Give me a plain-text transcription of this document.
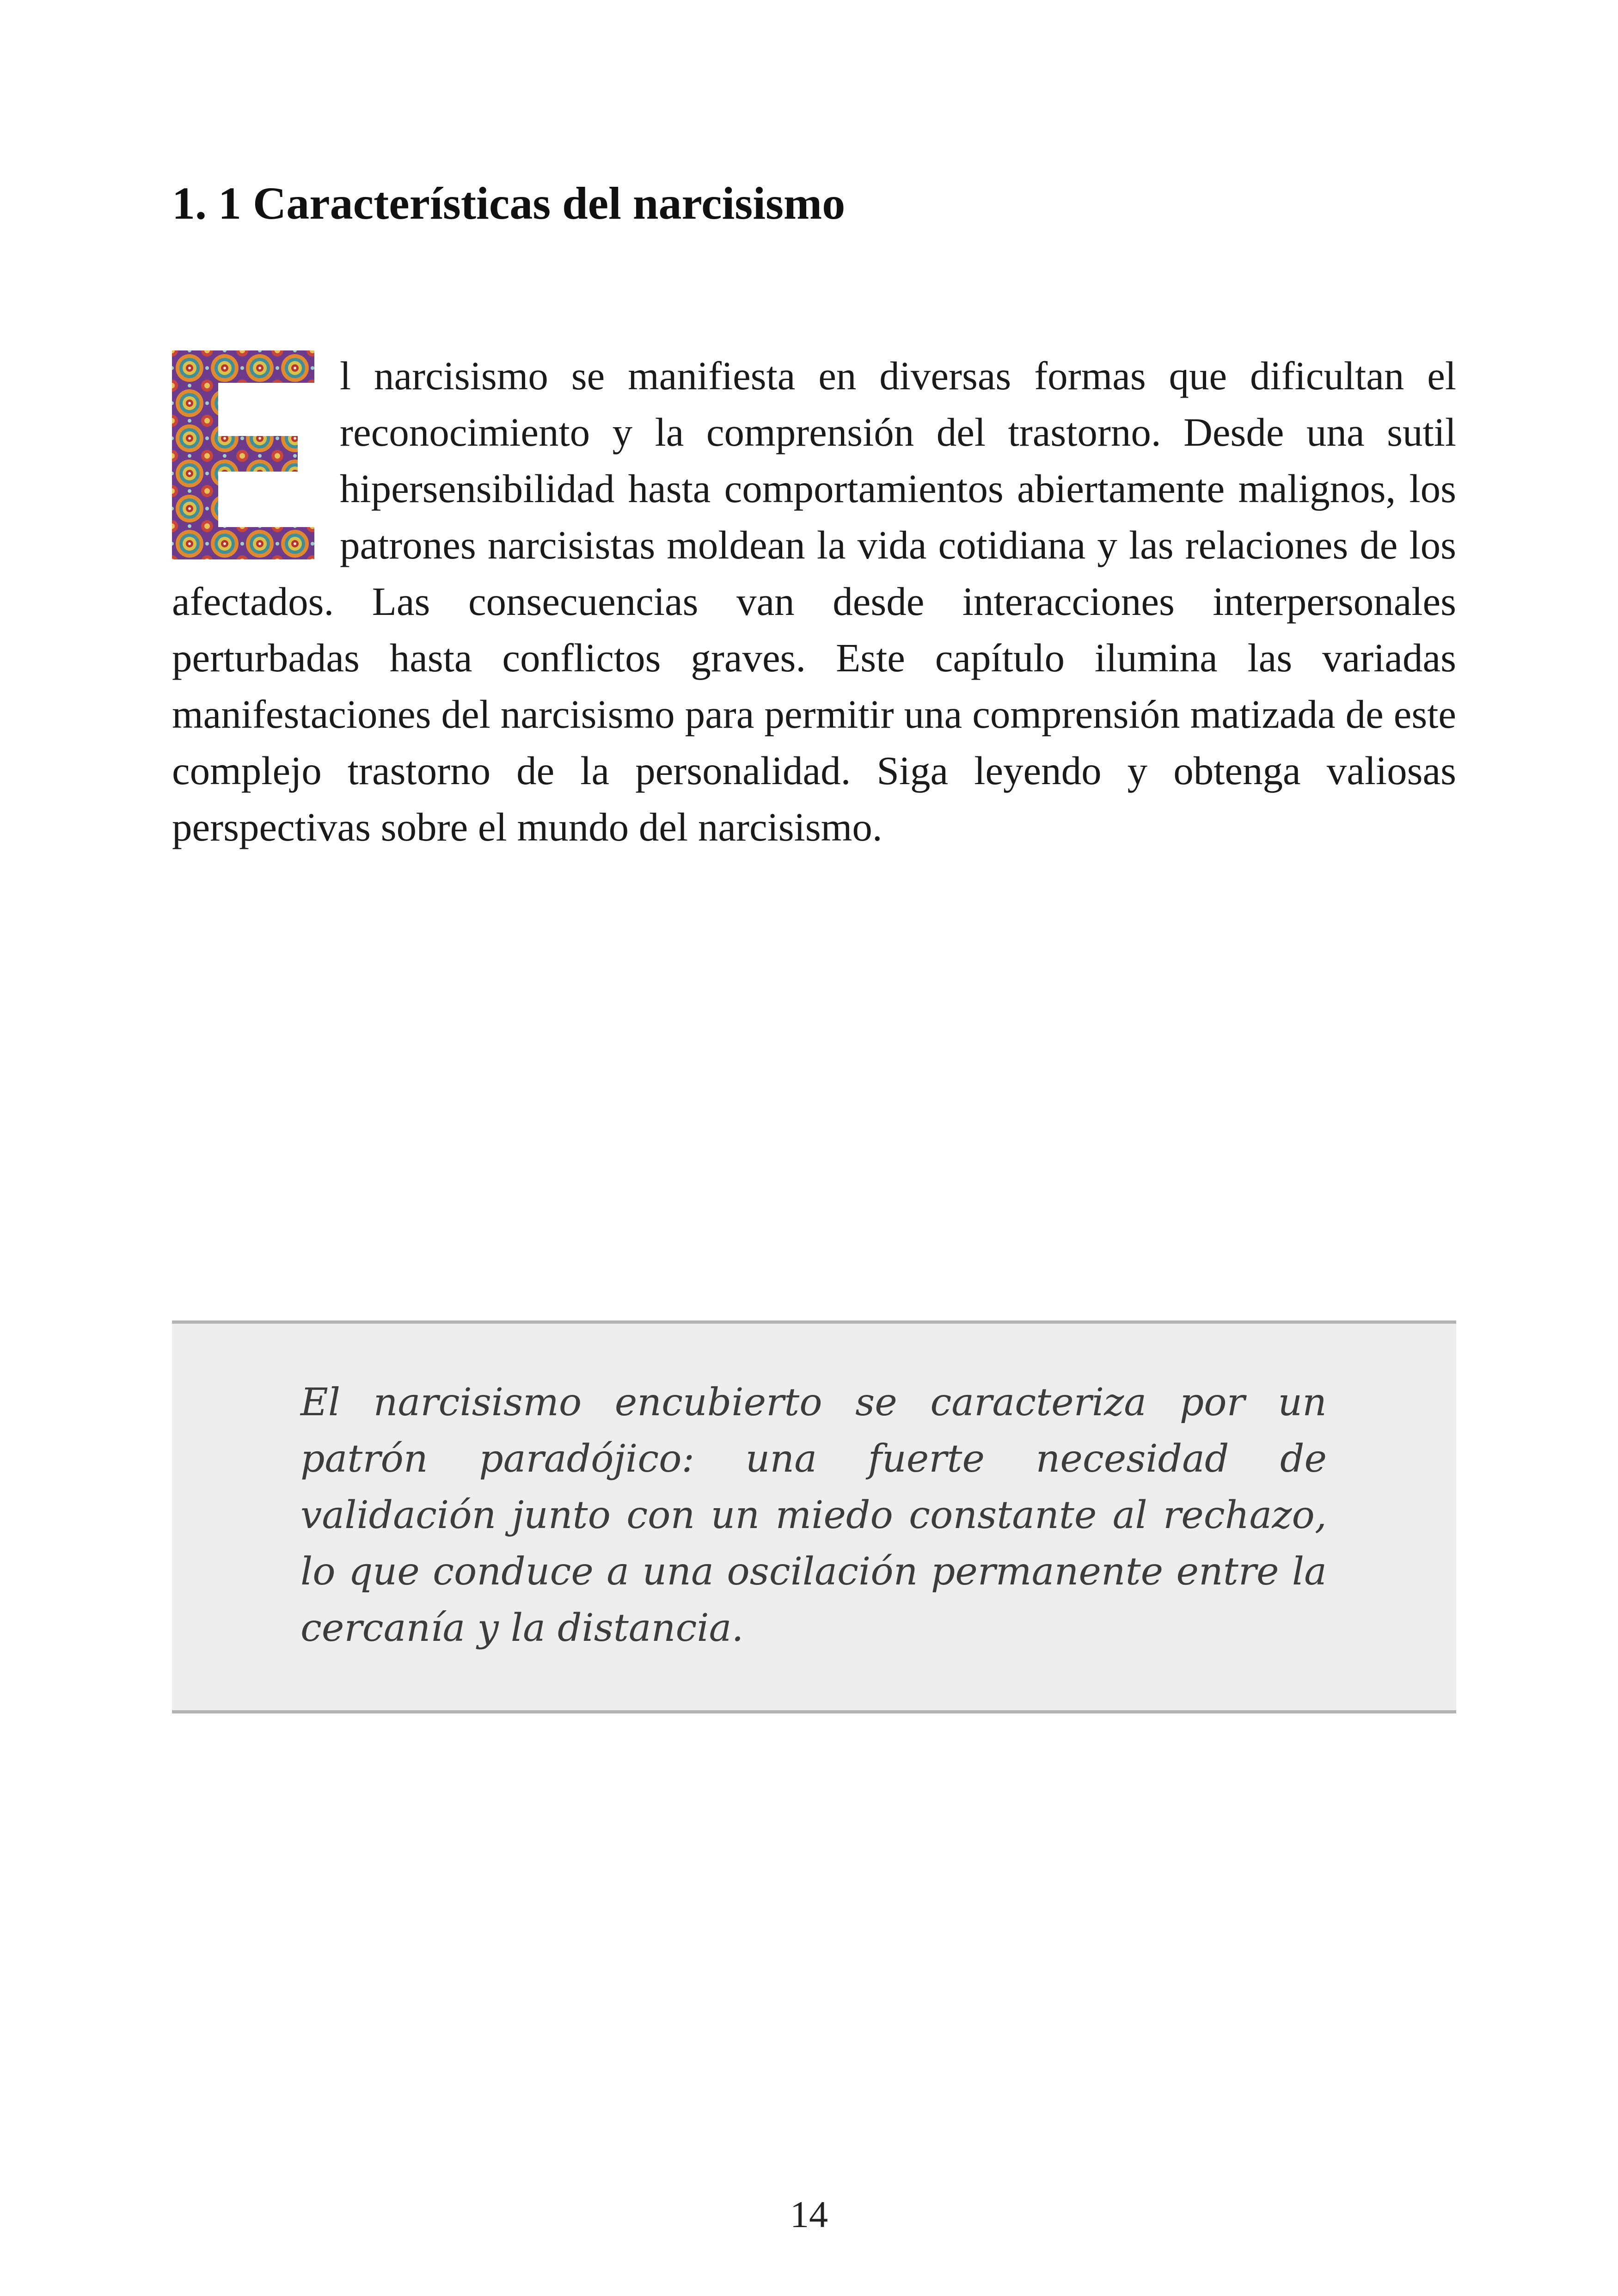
1. 1 Características del narcisismo

l narcisismo se manifiesta en diversas formas que dificultan el reconocimiento y la comprensión del trastorno. Desde una sutil hipersensibilidad hasta comportamientos abiertamente malignos, los patrones narcisistas moldean la vida cotidiana y las relaciones de los afectados. Las consecuencias van desde interacciones interpersonales perturbadas hasta conflictos graves. Este capítulo ilumina las variadas manifestaciones del narcisismo para permitir una comprensión matizada de este complejo trastorno de la personalidad. Siga leyendo y obtenga valiosas perspectivas sobre el mundo del narcisismo.

El narcisismo encubierto se caracteriza por un patrón paradójico: una fuerte necesidad de validación junto con un miedo constante al rechazo, lo que conduce a una oscilación permanente entre la cercanía y la distancia.

14
